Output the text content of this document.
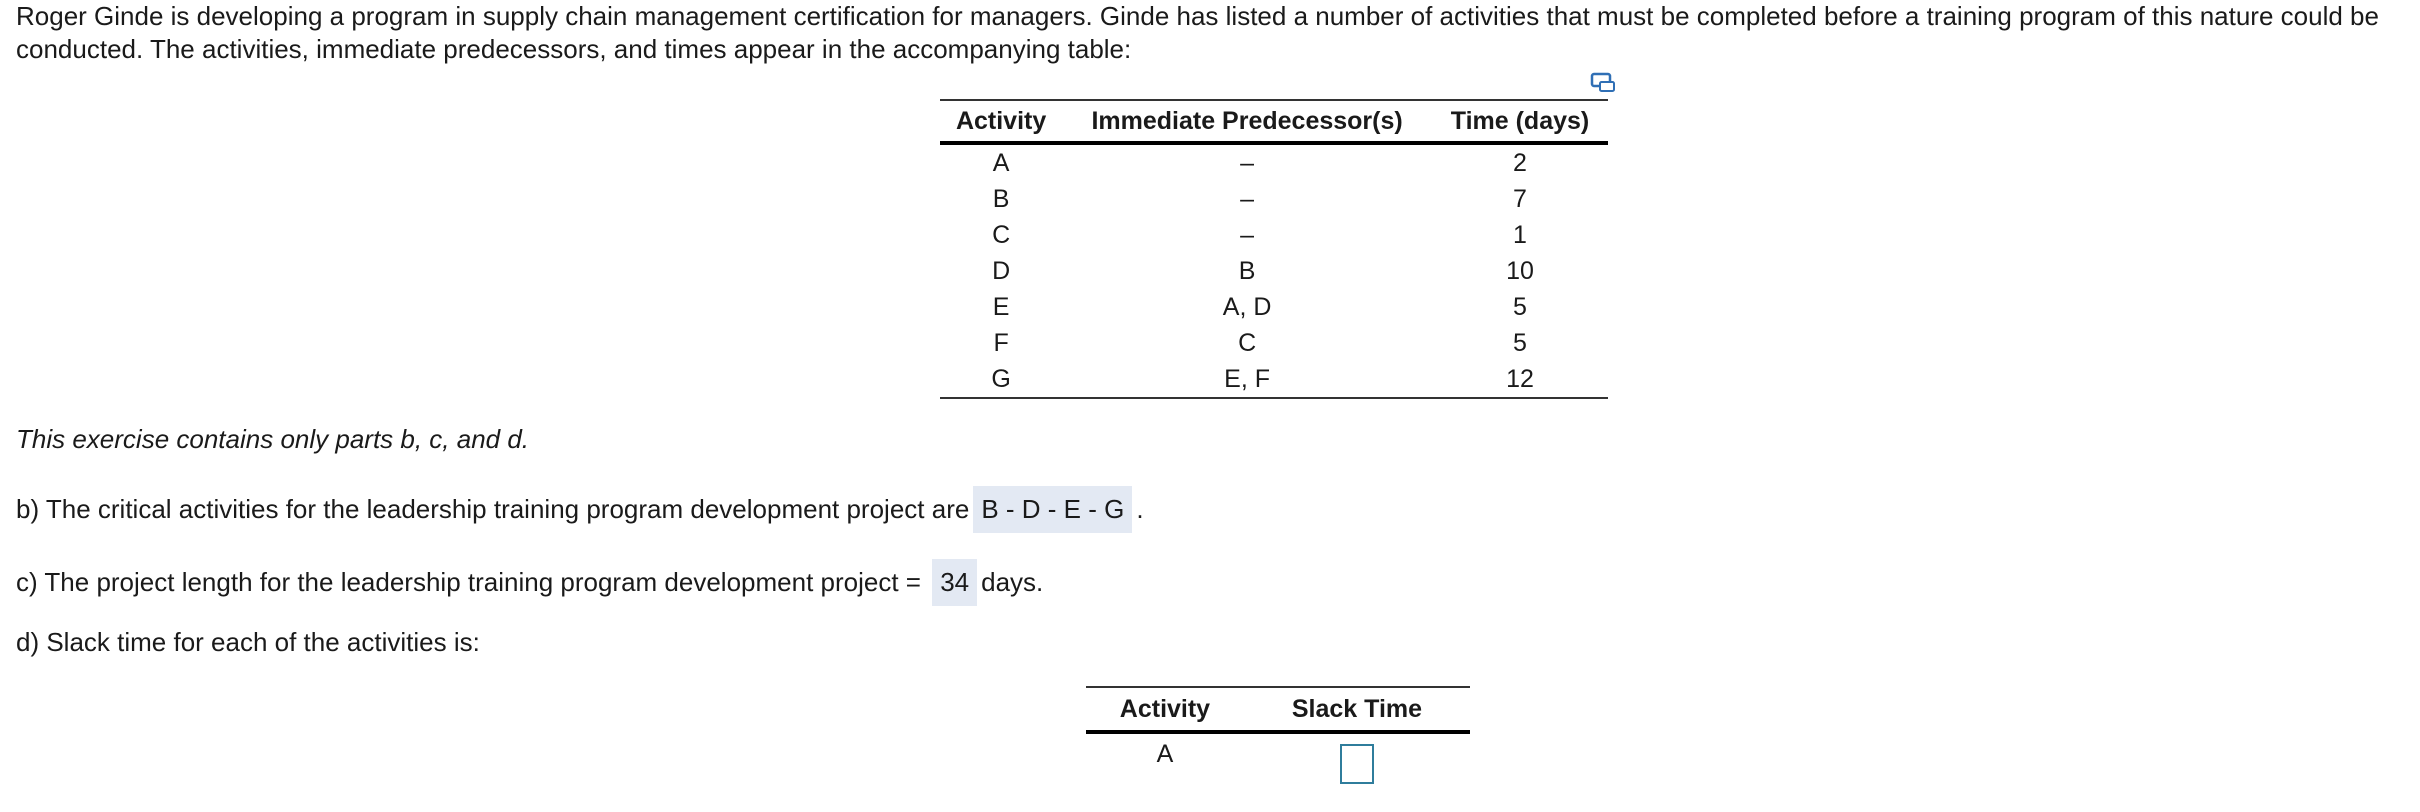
Roger Ginde is developing a program in supply chain management certification for managers. Ginde has listed a number of activities that must be completed before a training program of this nature could be conducted. The activities, immediate predecessors, and times appear in the accompanying table:

Activity	Immediate Predecessor(s)	Time (days)
A	–	2
B	–	7
C	–	1
D	B	10
E	A, D	5
F	C	5
G	E, F	12

This exercise contains only parts b, c, and d.

b) The critical activities for the leadership training program development project are B - D - E - G .

c) The project length for the leadership training program development project = 34 days.

d) Slack time for each of the activities is:

Activity	Slack Time
A	
